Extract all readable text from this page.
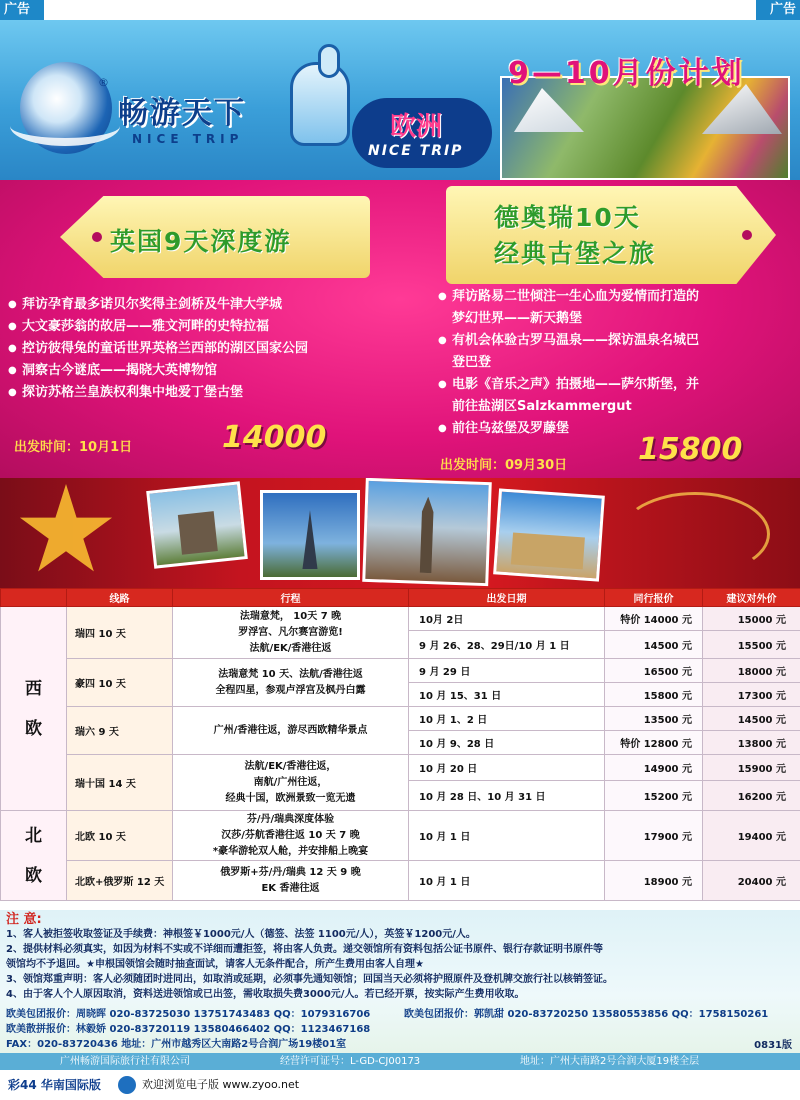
广告	广告
®
畅游天下
NICE TRIP	欧洲
NICE TRIP
9—10月份计划
英国9天深度游
德奥瑞10天
经典古堡之旅
● 拜访孕育最多诺贝尔奖得主剑桥及牛津大学城
● 大文豪莎翁的故居——雅文河畔的史特拉福
● 控访彼得兔的童话世界英格兰西部的湖区国家公园
● 洞察古今谜底——揭晓大英博物馆
● 探访苏格兰皇族权利集中地爱丁堡古堡
● 拜访路易二世倾注一生心血为爱情而打造的
梦幻世界——新天鹅堡
● 有机会体验古罗马温泉——探访温泉名城巴
登巴登
● 电影《音乐之声》拍摄地——萨尔斯堡，并
前往盐湖区Salzkammergut
● 前往乌兹堡及罗藤堡
出发时间：10月1日	14000
出发时间：09月30日 15800
	线路	行程	出发日期	同行报价	建议对外价
西
欧	瑞四 10 天	法瑞意梵， 10天 7 晚
罗浮宫、凡尔赛宫游览!
法航/EK/香港往返	10月 2日	特价 14000 元	15000 元
			9 月 26、28、29日/10 月 1 日	14500 元	15500 元
	豪四 10 天	法瑞意梵 10 天、法航/香港往返
全程四星，参观卢浮宫及枫丹白露	9 月 29 日	16500 元	18000 元
			10 月 15、31 日	15800 元	17300 元
	瑞六 9 天	广州/香港往返，游尽西欧精华景点	10 月 1、2 日	13500 元	14500 元
			10 月 9、28 日	特价 12800 元	13800 元
	瑞十国 14 天	法航/EK/香港往返，
南航/广州往返，
经典十国，欧洲景致一览无遗	10 月 20 日	14900 元	15900 元
			10 月 28 日、10 月 31 日	15200 元	16200 元
北
欧	北欧 10 天	芬/丹/瑞典深度体验
汉莎/芬航香港往返 10 天 7 晚
*豪华游轮双人舱，并安排船上晚宴	10 月 1 日	17900 元	19400 元
	北欧+俄罗斯 12 天	俄罗斯+芬/丹/瑞典 12 天 9 晚
EK 香港往返	10 月 1 日	18900 元	20400 元
注 意:
1、客人被拒签收取签证及手续费：神根签￥1000元/人（德签、法签 1100元/人），英签￥1200元/人。
2、提供材料必须真实，如因为材料不实或不详细而遭拒签，将由客人负责。递交领馆所有资料包括公证书原件、银行存款证明书原件等
领馆均不予退回。★申根国领馆会随时抽查面试，请客人无条件配合，所产生费用由客人自理★
3、领馆郑重声明：客人必须随团时进同出，如取消或延期，必须事先通知领馆；回国当天必须将护照原件及登机牌交旅行社以核销签证。
4、由于客人个人原因取消，资料送进领馆或已出签，需收取损失费3000元/人。若已经开票，按实际产生费用收取。
欧美包团报价：周晓晖 020-83725030 13751743483 QQ：1079316706	欧美包团报价：郭凯甜 020-83720250 13580553856 QQ：1758150261
欧美散拼报价：林毅娇 020-83720119 13580466402 QQ：1123467168
FAX：020-83720436 地址：广州市越秀区大南路2号合润广场19楼01室	0831版
广州畅游国际旅行社有限公司	经营许可证号：L-GD-CJ00173	地址：广州大南路2号合润大厦19楼全层
彩44 华南国际版	欢迎浏览电子版 www.zyoo.net
